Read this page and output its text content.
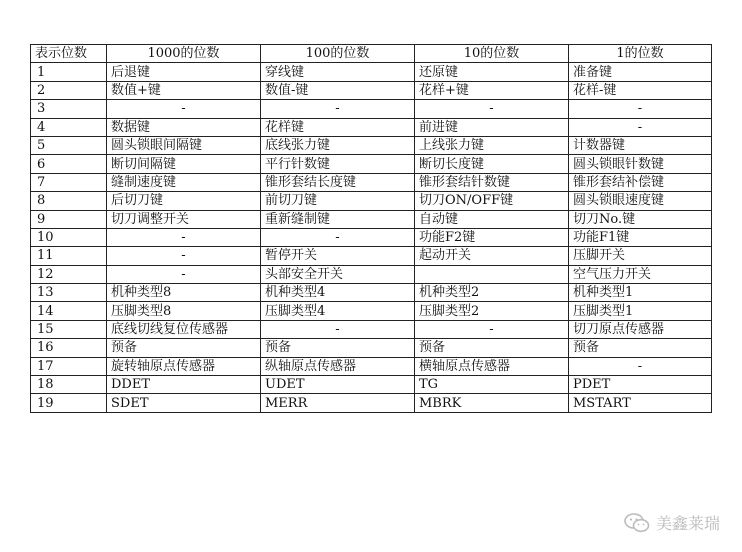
表示位数	1000的位数	100的位数	10的位数	1的位数
1	后退键	穿线键	还原键	准备键
2	数值+键	数值-键	花样+键	花样-键
3	-	-	-	-
4	数据键	花样键	前进键	-
5	圆头锁眼间隔键	底线张力键	上线张力键	计数器键
6	断切间隔键	平行针数键	断切长度键	圆头锁眼针数键
7	缝制速度键	锥形套结长度键	锥形套结针数键	锥形套结补偿键
8	后切刀键	前切刀键	切刀ON/OFF键	圆头锁眼速度键
9	切刀调整开关	重新缝制键	自动键	切刀No.键
10	-	-	功能F2键	功能F1键
11	-	暂停开关	起动开关	压脚开关
12	-	头部安全开关		空气压力开关
13	机种类型8	机种类型4	机种类型2	机种类型1
14	压脚类型8	压脚类型4	压脚类型2	压脚类型1
15	底线切线复位传感器	-	-	切刀原点传感器
16	预备	预备	预备	预备
17	旋转轴原点传感器	纵轴原点传感器	横轴原点传感器	-
18	DDET	UDET	TG	PDET
19	SDET	MERR	MBRK	MSTART
美鑫莱瑞
